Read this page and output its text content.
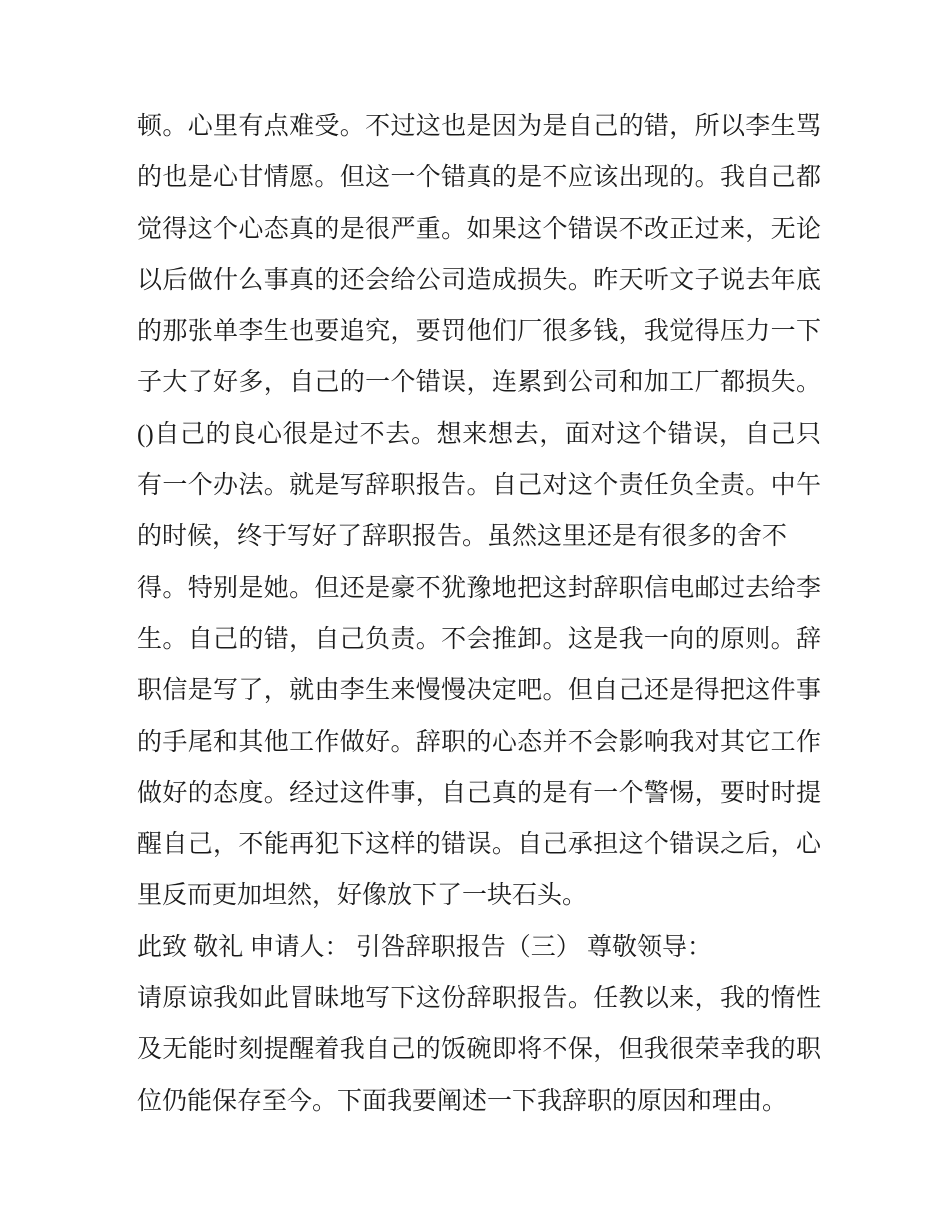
顿。心里有点难受。不过这也是因为是自己的错，所以李生骂
的也是心甘情愿。但这一个错真的是不应该出现的。我自己都
觉得这个心态真的是很严重。如果这个错误不改正过来，无论
以后做什么事真的还会给公司造成损失。昨天听文子说去年底
的那张单李生也要追究，要罚他们厂很多钱，我觉得压力一下
子大了好多，自己的一个错误，连累到公司和加工厂都损失。
()自己的良心很是过不去。想来想去，面对这个错误，自己只
有一个办法。就是写辞职报告。自己对这个责任负全责。中午
的时候，终于写好了辞职报告。虽然这里还是有很多的舍不
得。特别是她。但还是豪不犹豫地把这封辞职信电邮过去给李
生。自己的错，自己负责。不会推卸。这是我一向的原则。辞
职信是写了，就由李生来慢慢决定吧。但自己还是得把这件事
的手尾和其他工作做好。辞职的心态并不会影响我对其它工作
做好的态度。经过这件事，自己真的是有一个警惕，要时时提
醒自己，不能再犯下这样的错误。自己承担这个错误之后，心
里反而更加坦然，好像放下了一块石头。
此致 敬礼 申请人： 引咎辞职报告（三） 尊敬领导：
请原谅我如此冒昧地写下这份辞职报告。任教以来，我的惰性
及无能时刻提醒着我自己的饭碗即将不保，但我很荣幸我的职
位仍能保存至今。下面我要阐述一下我辞职的原因和理由。
